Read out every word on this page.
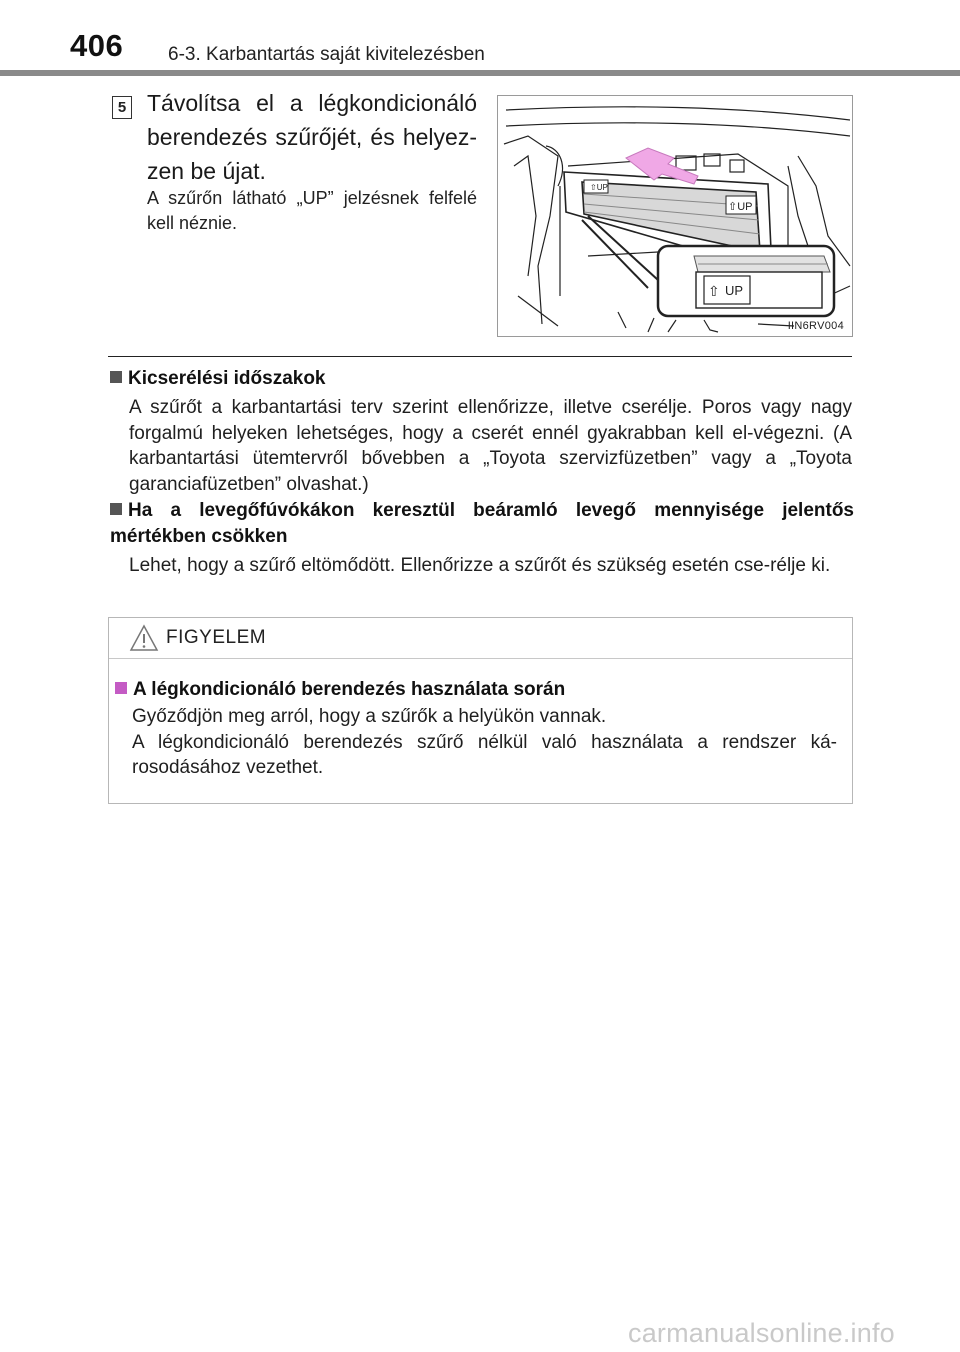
406 6-3. Karbantartás saját kivitelezésben
5 Távolítsa el a légkondicionáló berendezés szűrőjét, és helyez-zen be újat.
A szűrőn látható „UP” jelzésnek felfelé kell néznie.
⇧UP
⇧UP
⇧ UP
IIN6RV004
Kicserélési időszakok
A szűrőt a karbantartási terv szerint ellenőrizze, illetve cserélje. Poros vagy nagy forgalmú helyeken lehetséges, hogy a cserét ennél gyakrabban kell el-végezni. (A karbantartási ütemtervről bővebben a „Toyota szervizfüzetben” vagy a „Toyota garanciafüzetben” olvashat.)
Ha a levegőfúvókákon keresztül beáramló levegő mennyisége jelentős mértékben csökken
Lehet, hogy a szűrő eltömődött. Ellenőrizze a szűrőt és szükség esetén cse-rélje ki.
FIGYELEM
A légkondicionáló berendezés használata során
Győződjön meg arról, hogy a szűrők a helyükön vannak.
A légkondicionáló berendezés szűrő nélkül való használata a rendszer ká-rosodásához vezethet.
carmanualsonline.info
